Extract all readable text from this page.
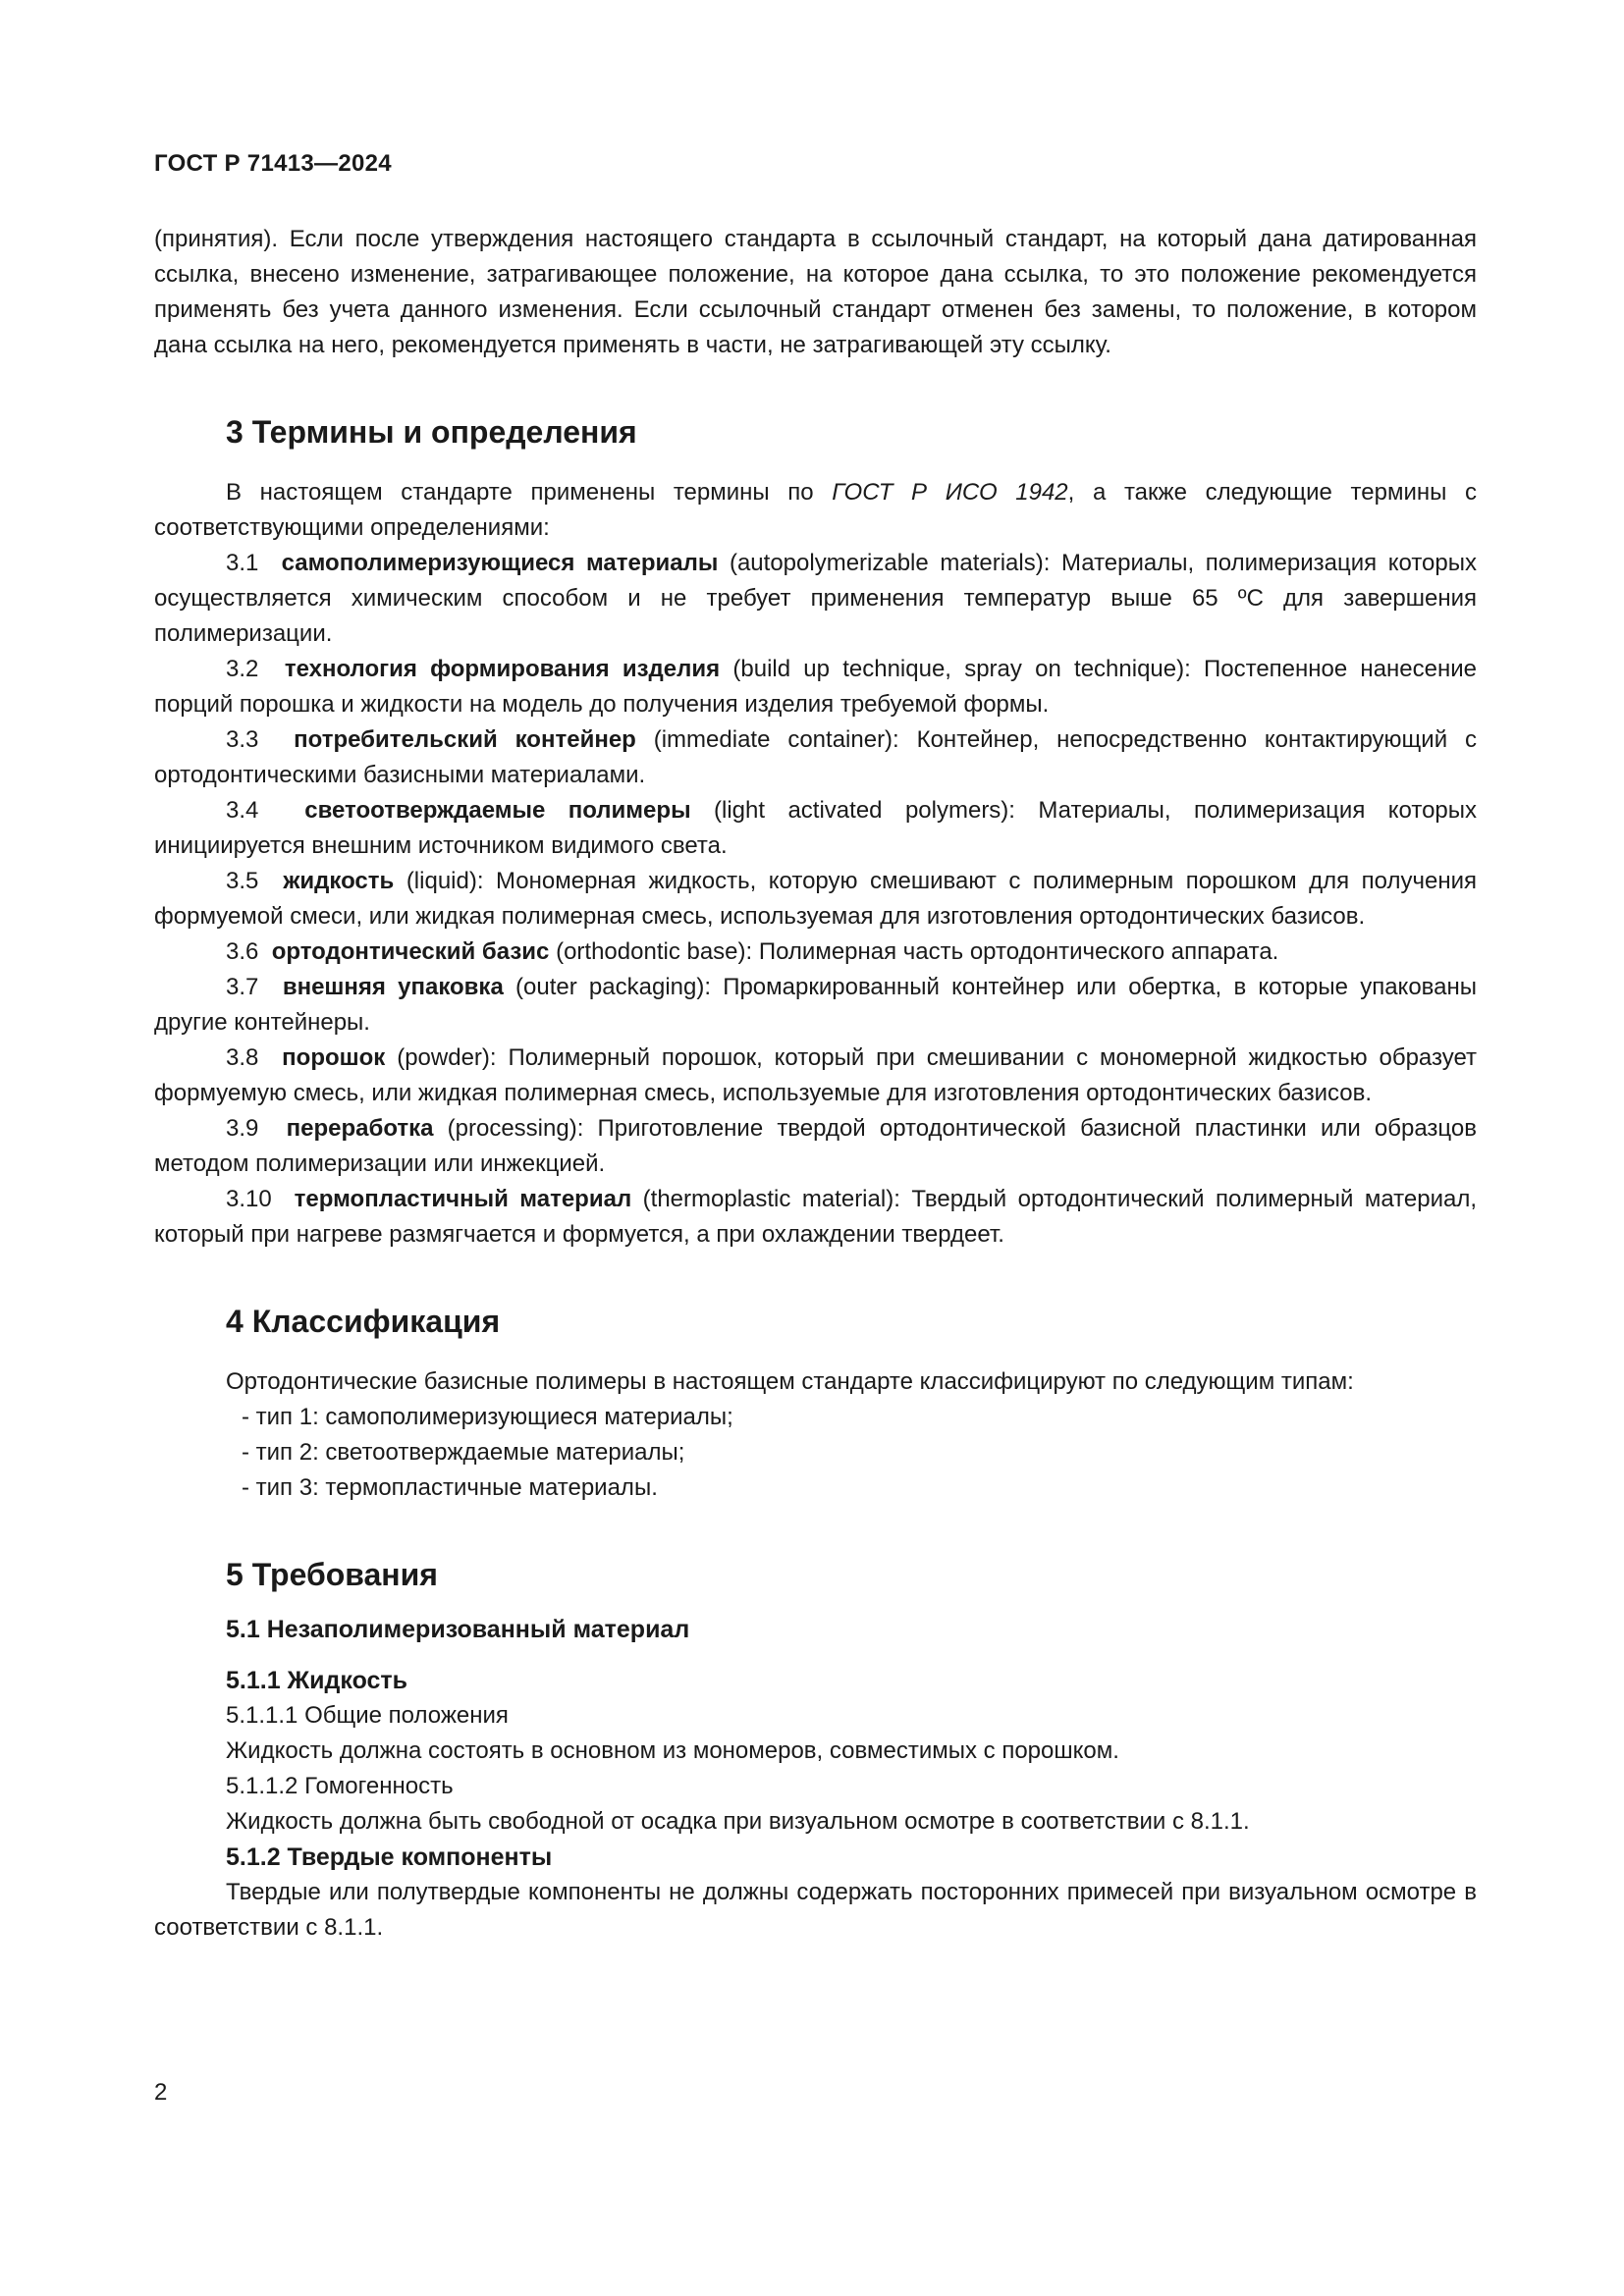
ГОСТ Р 71413—2024

(принятия). Если после утверждения настоящего стандарта в ссылочный стандарт, на который дана датированная ссылка, внесено изменение, затрагивающее положение, на которое дана ссылка, то это положение рекомендуется применять без учета данного изменения. Если ссылочный стандарт отменен без замены, то положение, в котором дана ссылка на него, рекомендуется применять в части, не затрагивающей эту ссылку.

3 Термины и определения

В настоящем стандарте применены термины по ГОСТ Р ИСО 1942, а также следующие термины с соответствующими определениями:

3.1 самополимеризующиеся материалы (autopolymerizable materials): Материалы, полимеризация которых осуществляется химическим способом и не требует применения температур выше 65 ºС для завершения полимеризации.

3.2 технология формирования изделия (build up technique, spray on technique): Постепенное нанесение порций порошка и жидкости на модель до получения изделия требуемой формы.

3.3 потребительский контейнер (immediate container): Контейнер, непосредственно контактирующий с ортодонтическими базисными материалами.

3.4 светоотверждаемые полимеры (light activated polymers): Материалы, полимеризация которых инициируется внешним источником видимого света.

3.5 жидкость (liquid): Мономерная жидкость, которую смешивают с полимерным порошком для получения формуемой смеси, или жидкая полимерная смесь, используемая для изготовления ортодонтических базисов.

3.6 ортодонтический базис (orthodontic base): Полимерная часть ортодонтического аппарата.

3.7 внешняя упаковка (outer packaging): Промаркированный контейнер или обертка, в которые упакованы другие контейнеры.

3.8 порошок (powder): Полимерный порошок, который при смешивании с мономерной жидкостью образует формуемую смесь, или жидкая полимерная смесь, используемые для изготовления ортодонтических базисов.

3.9 переработка (processing): Приготовление твердой ортодонтической базисной пластинки или образцов методом полимеризации или инжекцией.

3.10 термопластичный материал (thermoplastic material): Твердый ортодонтический полимерный материал, который при нагреве размягчается и формуется, а при охлаждении твердеет.

4 Классификация

Ортодонтические базисные полимеры в настоящем стандарте классифицируют по следующим типам:

- тип 1: самополимеризующиеся материалы;

- тип 2: светоотверждаемые материалы;

- тип 3: термопластичные материалы.

5 Требования
5.1 Незаполимеризованный материал
5.1.1 Жидкость

5.1.1.1 Общие положения

Жидкость должна состоять в основном из мономеров, совместимых с порошком.

5.1.1.2 Гомогенность

Жидкость должна быть свободной от осадка при визуальном осмотре в соответствии с 8.1.1.

5.1.2 Твердые компоненты

Твердые или полутвердые компоненты не должны содержать посторонних примесей при визуальном осмотре в соответствии с 8.1.1.

2
